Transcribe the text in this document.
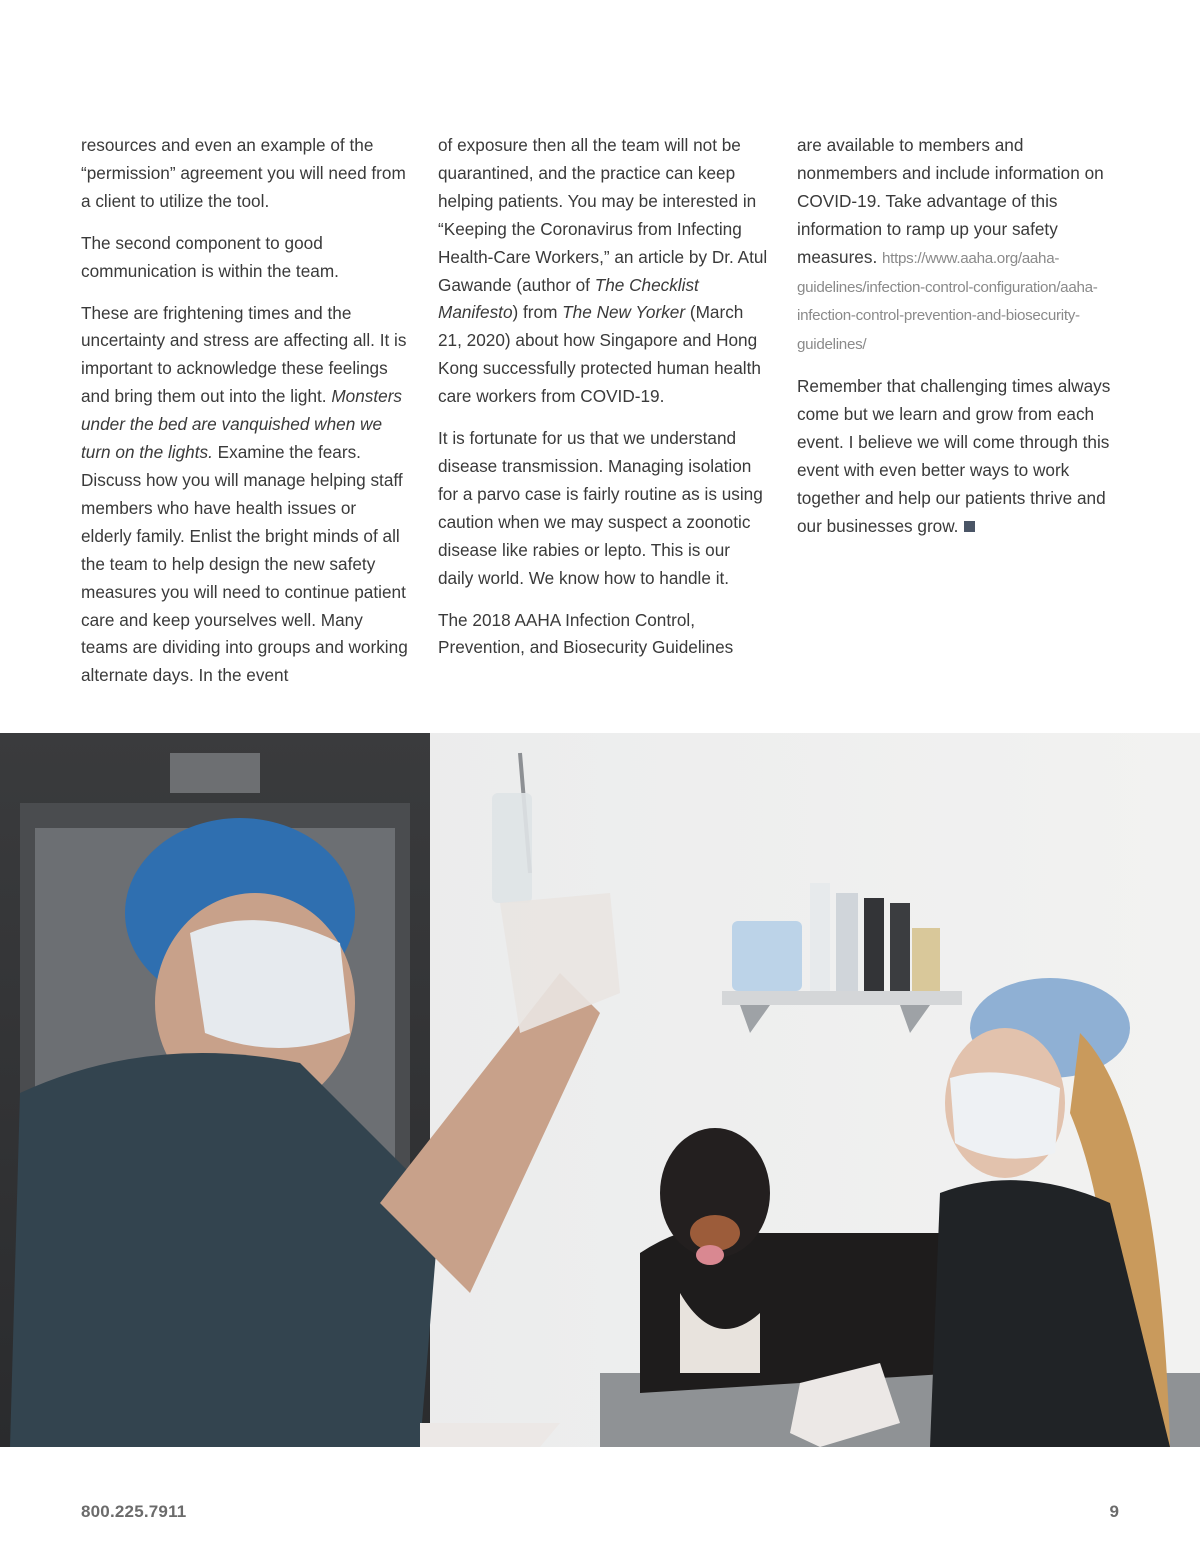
resources and even an example of the “permission” agreement you will need from a client to utilize the tool.

The second component to good communication is within the team.

These are frightening times and the uncertainty and stress are affecting all. It is important to acknowledge these feelings and bring them out into the light. Monsters under the bed are vanquished when we turn on the lights. Examine the fears. Discuss how you will manage helping staff members who have health issues or elderly family. Enlist the bright minds of all the team to help design the new safety measures you will need to continue patient care and keep yourselves well. Many teams are dividing into groups and working alternate days. In the event

of exposure then all the team will not be quarantined, and the practice can keep helping patients. You may be interested in “Keeping the Coronavirus from Infecting Health-Care Workers,” an article by Dr. Atul Gawande (author of The Checklist Manifesto) from The New Yorker (March 21, 2020) about how Singapore and Hong Kong successfully protected human health care workers from COVID-19.

It is fortunate for us that we understand disease transmission. Managing isolation for a parvo case is fairly routine as is using caution when we may suspect a zoonotic disease like rabies or lepto. This is our daily world. We know how to handle it.

The 2018 AAHA Infection Control, Prevention, and Biosecurity Guidelines

are available to members and nonmembers and include information on COVID-19. Take advantage of this information to ramp up your safety measures. https://www.aaha.org/aaha-guidelines/infection-control-configuration/aaha-infection-control-prevention-and-biosecurity-guidelines/

Remember that challenging times always come but we learn and grow from each event. I believe we will come through this event with even better ways to work together and help our patients thrive and our businesses grow.

800.225.7911	9
